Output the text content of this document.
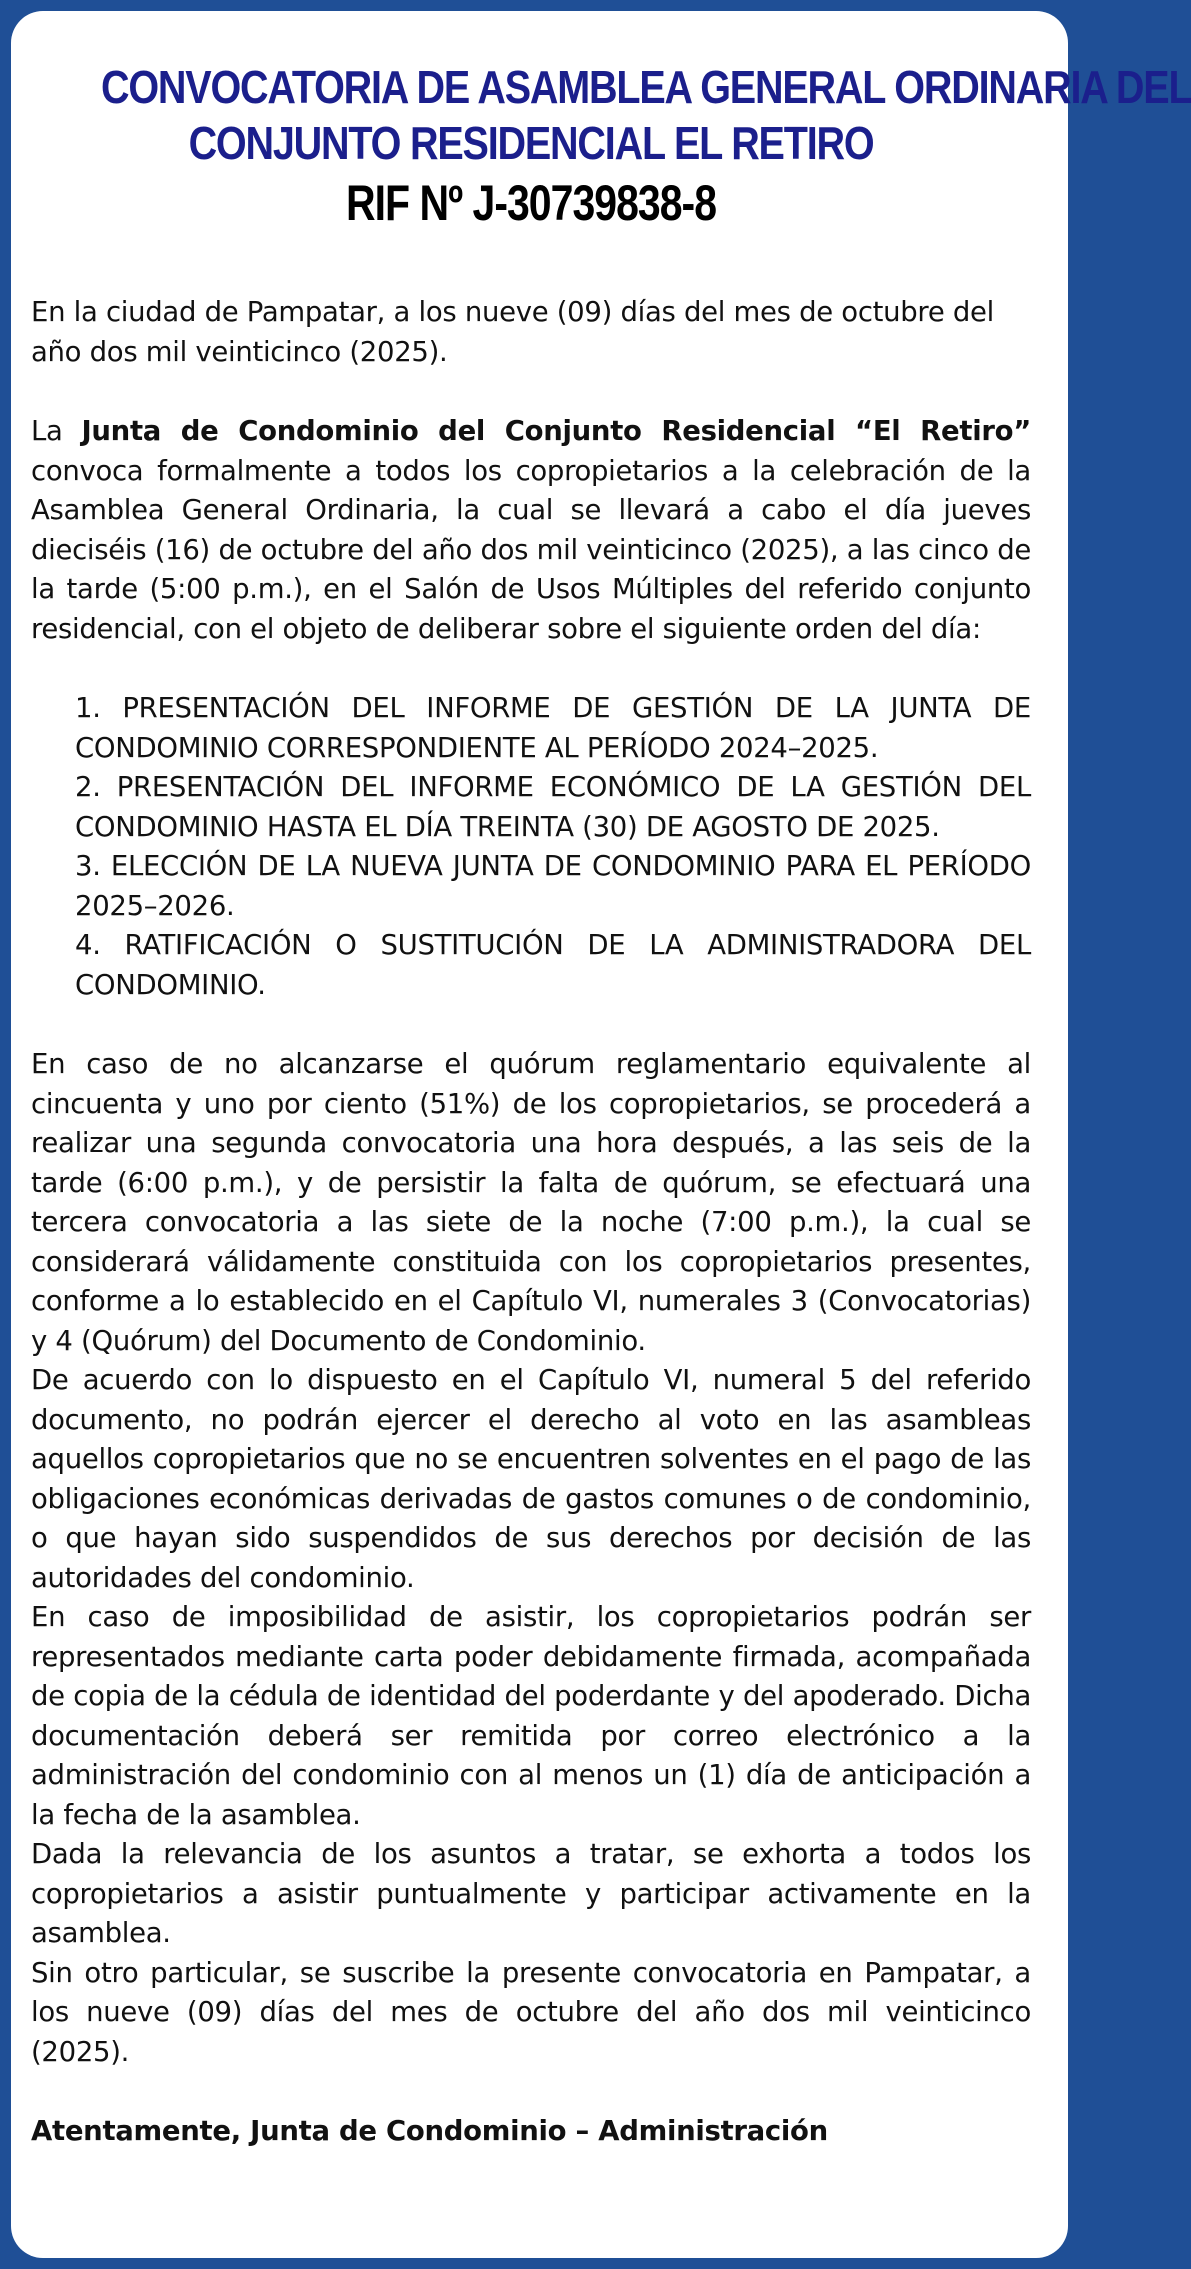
CONVOCATORIA DE ASAMBLEA GENERAL ORDINARIA DEL
CONJUNTO RESIDENCIAL EL RETIRO
RIF Nº J-30739838-8

En la ciudad de Pampatar, a los nueve (09) días del mes de octubre del año dos mil veinticinco (2025).

La Junta de Condominio del Conjunto Residencial “El Retiro” convoca formalmente a todos los copropietarios a la celebración de la Asamblea General Ordinaria, la cual se llevará a cabo el día jueves dieciséis (16) de octubre del año dos mil veinticinco (2025), a las cinco de la tarde (5:00 p.m.), en el Salón de Usos Múltiples del referido conjunto residencial, con el objeto de deliberar sobre el siguiente orden del día:

1. PRESENTACIÓN DEL INFORME DE GESTIÓN DE LA JUNTA DE CONDOMINIO CORRESPONDIENTE AL PERÍODO 2024–2025.
2. PRESENTACIÓN DEL INFORME ECONÓMICO DE LA GESTIÓN DEL CONDOMINIO HASTA EL DÍA TREINTA (30) DE AGOSTO DE 2025.
3. ELECCIÓN DE LA NUEVA JUNTA DE CONDOMINIO PARA EL PERÍODO 2025–2026.
4. RATIFICACIÓN O SUSTITUCIÓN DE LA ADMINISTRADORA DEL CONDOMINIO.

En caso de no alcanzarse el quórum reglamentario equivalente al cincuenta y uno por ciento (51%) de los copropietarios, se procederá a realizar una segunda convocatoria una hora después, a las seis de la tarde (6:00 p.m.), y de persistir la falta de quórum, se efectuará una tercera convocatoria a las siete de la noche (7:00 p.m.), la cual se considerará válidamente constituida con los copropietarios presentes, conforme a lo establecido en el Capítulo VI, numerales 3 (Convocatorias) y 4 (Quórum) del Documento de Condominio.

De acuerdo con lo dispuesto en el Capítulo VI, numeral 5 del referido documento, no podrán ejercer el derecho al voto en las asambleas aquellos copropietarios que no se encuentren solventes en el pago de las obligaciones económicas derivadas de gastos comunes o de condominio, o que hayan sido suspendidos de sus derechos por decisión de las autoridades del condominio.

En caso de imposibilidad de asistir, los copropietarios podrán ser representados mediante carta poder debidamente firmada, acompañada de copia de la cédula de identidad del poderdante y del apoderado. Dicha documentación deberá ser remitida por correo electrónico a la administración del condominio con al menos un (1) día de anticipación a la fecha de la asamblea.

Dada la relevancia de los asuntos a tratar, se exhorta a todos los copropietarios a asistir puntualmente y participar activamente en la asamblea.

Sin otro particular, se suscribe la presente convocatoria en Pampatar, a los nueve (09) días del mes de octubre del año dos mil veinticinco (2025).

Atentamente, Junta de Condominio – Administración
